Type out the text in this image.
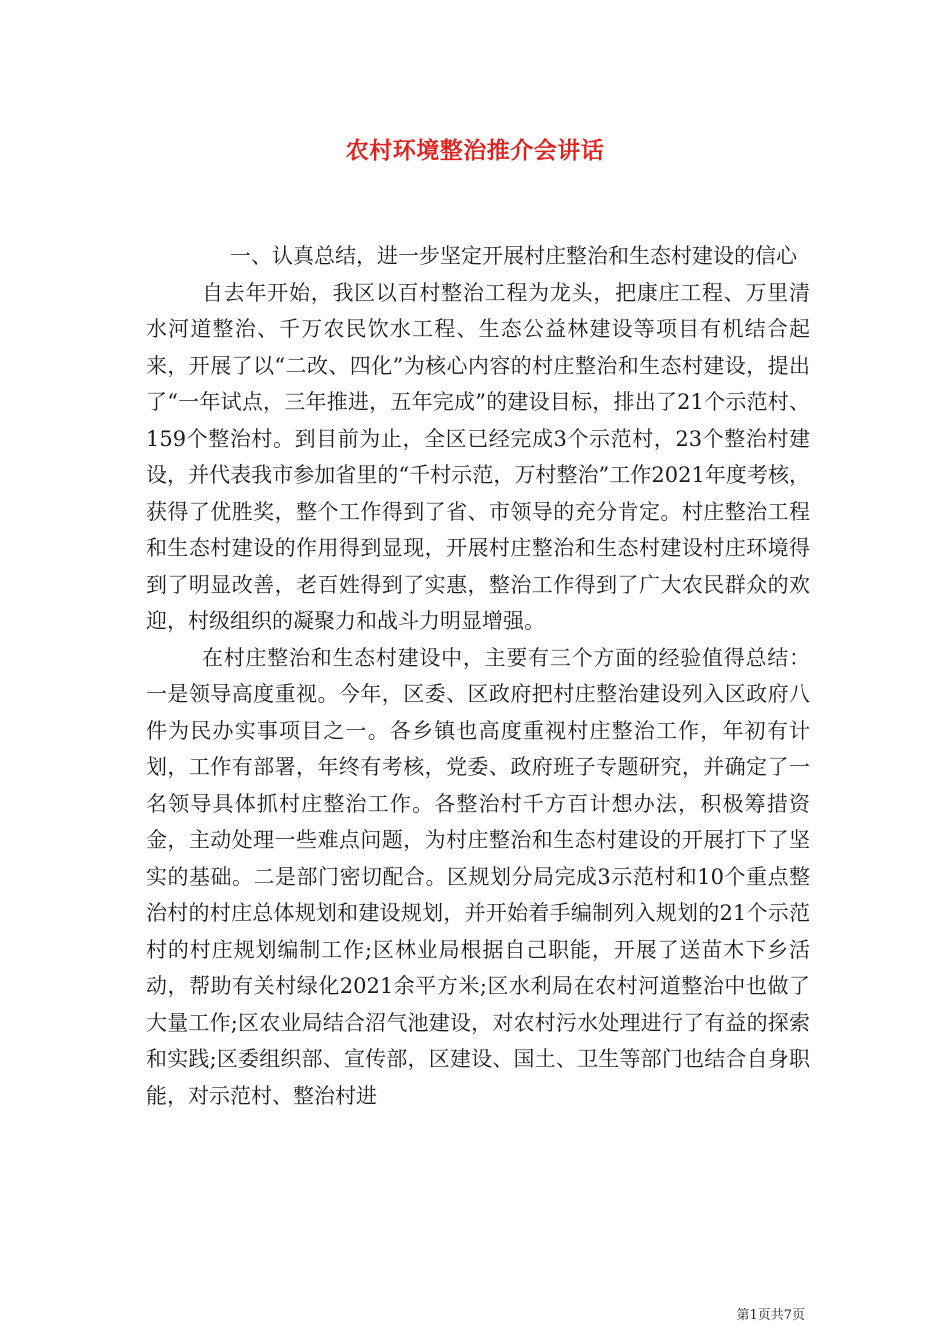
农村环境整治推介会讲话

一、认真总结，进一步坚定开展村庄整治和生态村建设的信心

自去年开始，我区以百村整治工程为龙头，把康庄工程、万里清水河道整治、千万农民饮水工程、生态公益林建设等项目有机结合起来，开展了以“二改、四化”为核心内容的村庄整治和生态村建设，提出了“一年试点，三年推进，五年完成”的建设目标，排出了21个示范村、159个整治村。到目前为止，全区已经完成3个示范村，23个整治村建设，并代表我市参加省里的“千村示范，万村整治”工作2021年度考核，获得了优胜奖，整个工作得到了省、市领导的充分肯定。村庄整治工程和生态村建设的作用得到显现，开展村庄整治和生态村建设村庄环境得到了明显改善，老百姓得到了实惠，整治工作得到了广大农民群众的欢迎，村级组织的凝聚力和战斗力明显增强。

在村庄整治和生态村建设中，主要有三个方面的经验值得总结：一是领导高度重视。今年，区委、区政府把村庄整治建设列入区政府八件为民办实事项目之一。各乡镇也高度重视村庄整治工作，年初有计划，工作有部署，年终有考核，党委、政府班子专题研究，并确定了一名领导具体抓村庄整治工作。各整治村千方百计想办法，积极筹措资金，主动处理一些难点问题，为村庄整治和生态村建设的开展打下了坚实的基础。二是部门密切配合。区规划分局完成3示范村和10个重点整治村的村庄总体规划和建设规划，并开始着手编制列入规划的21个示范村的村庄规划编制工作;区林业局根据自己职能，开展了送苗木下乡活动，帮助有关村绿化2021余平方米;区水利局在农村河道整治中也做了大量工作;区农业局结合沼气池建设，对农村污水处理进行了有益的探索和实践;区委组织部、宣传部，区建设、国土、卫生等部门也结合自身职能，对示范村、整治村进

第1页共7页
